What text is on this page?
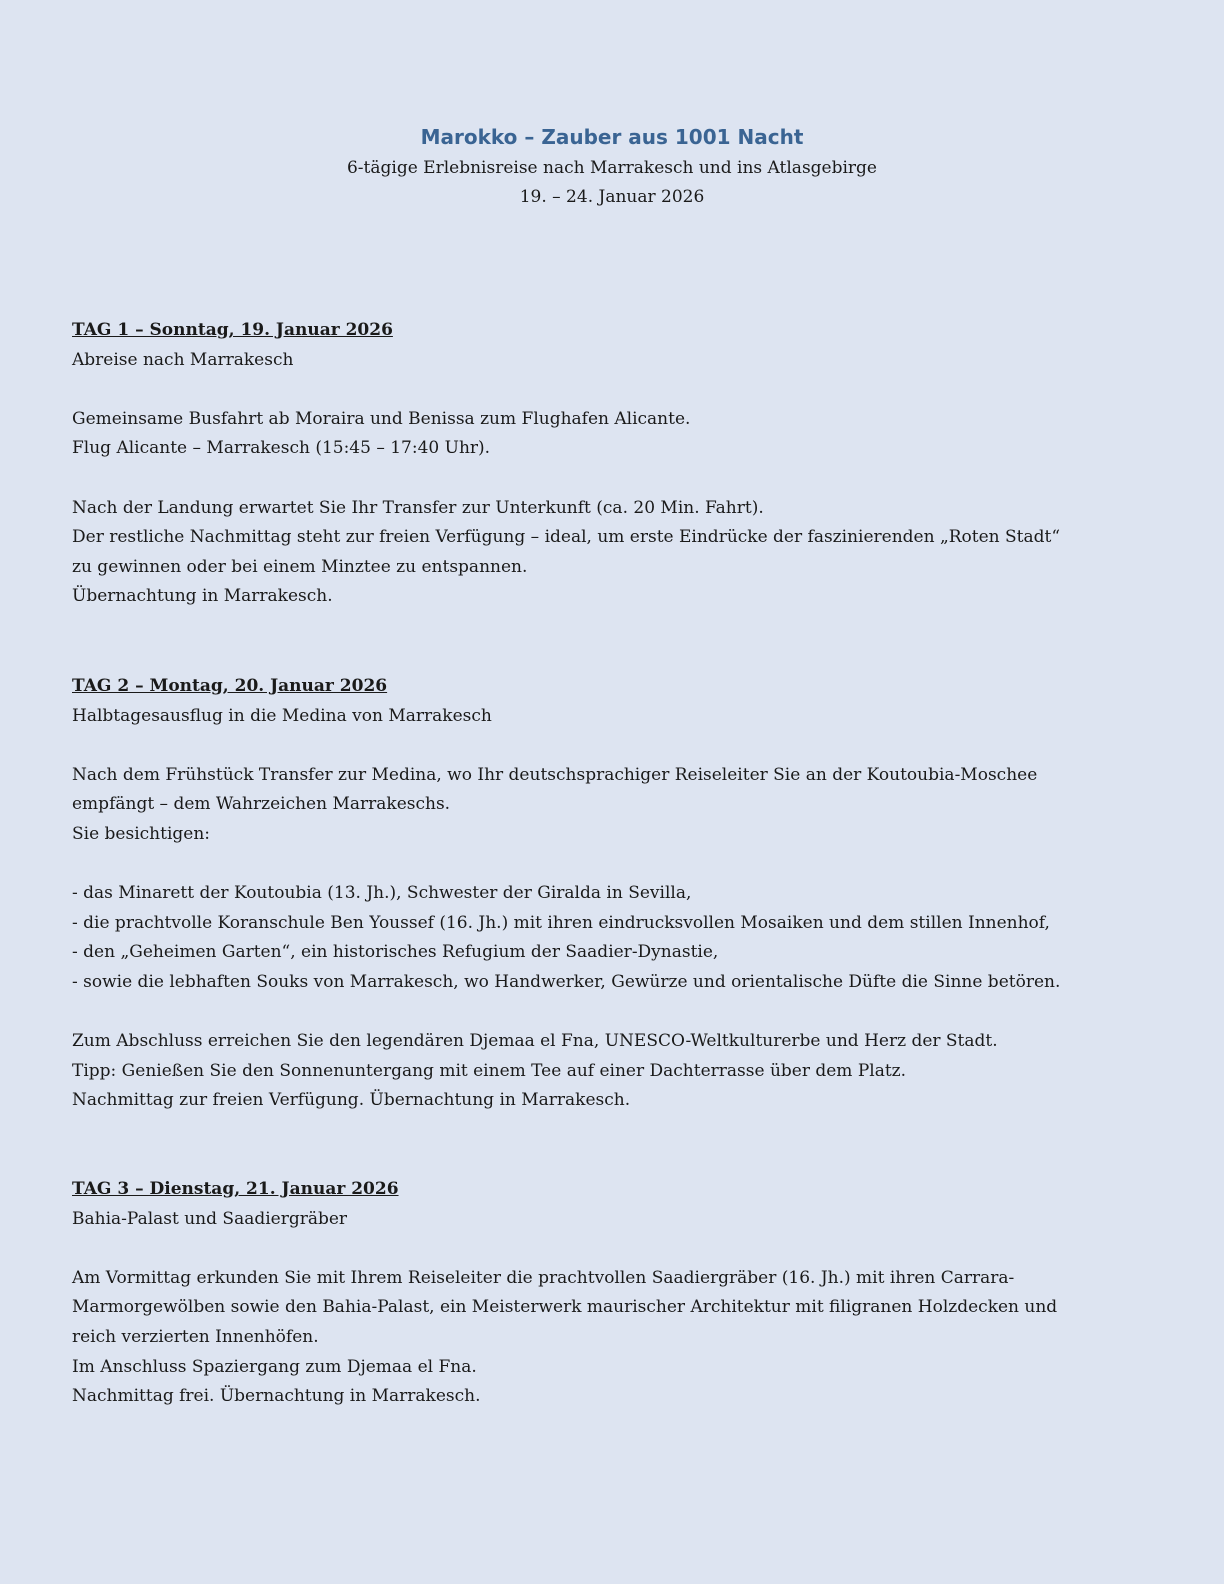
Marokko – Zauber aus 1001 Nacht

6-tägige Erlebnisreise nach Marrakesch und ins Atlasgebirge

19. – 24. Januar 2026

TAG 1 – Sonntag, 19. Januar 2026

Abreise nach Marrakesch

Gemeinsame Busfahrt ab Moraira und Benissa zum Flughafen Alicante.

Flug Alicante – Marrakesch (15:45 – 17:40 Uhr).

Nach der Landung erwartet Sie Ihr Transfer zur Unterkunft (ca. 20 Min. Fahrt).

Der restliche Nachmittag steht zur freien Verfügung – ideal, um erste Eindrücke der faszinierenden „Roten Stadt“

zu gewinnen oder bei einem Minztee zu entspannen.

Übernachtung in Marrakesch.

TAG 2 – Montag, 20. Januar 2026

Halbtagesausflug in die Medina von Marrakesch

Nach dem Frühstück Transfer zur Medina, wo Ihr deutschsprachiger Reiseleiter Sie an der Koutoubia-Moschee

empfängt – dem Wahrzeichen Marrakeschs.

Sie besichtigen:

- das Minarett der Koutoubia (13. Jh.), Schwester der Giralda in Sevilla,

- die prachtvolle Koranschule Ben Youssef (16. Jh.) mit ihren eindrucksvollen Mosaiken und dem stillen Innenhof,

- den „Geheimen Garten“, ein historisches Refugium der Saadier-Dynastie,

- sowie die lebhaften Souks von Marrakesch, wo Handwerker, Gewürze und orientalische Düfte die Sinne betören.

Zum Abschluss erreichen Sie den legendären Djemaa el Fna, UNESCO-Weltkulturerbe und Herz der Stadt.

Tipp: Genießen Sie den Sonnenuntergang mit einem Tee auf einer Dachterrasse über dem Platz.

Nachmittag zur freien Verfügung. Übernachtung in Marrakesch.

TAG 3 – Dienstag, 21. Januar 2026

Bahia-Palast und Saadiergräber

Am Vormittag erkunden Sie mit Ihrem Reiseleiter die prachtvollen Saadiergräber (16. Jh.) mit ihren Carrara-

Marmorgewölben sowie den Bahia-Palast, ein Meisterwerk maurischer Architektur mit filigranen Holzdecken und

reich verzierten Innenhöfen.

Im Anschluss Spaziergang zum Djemaa el Fna.

Nachmittag frei. Übernachtung in Marrakesch.
